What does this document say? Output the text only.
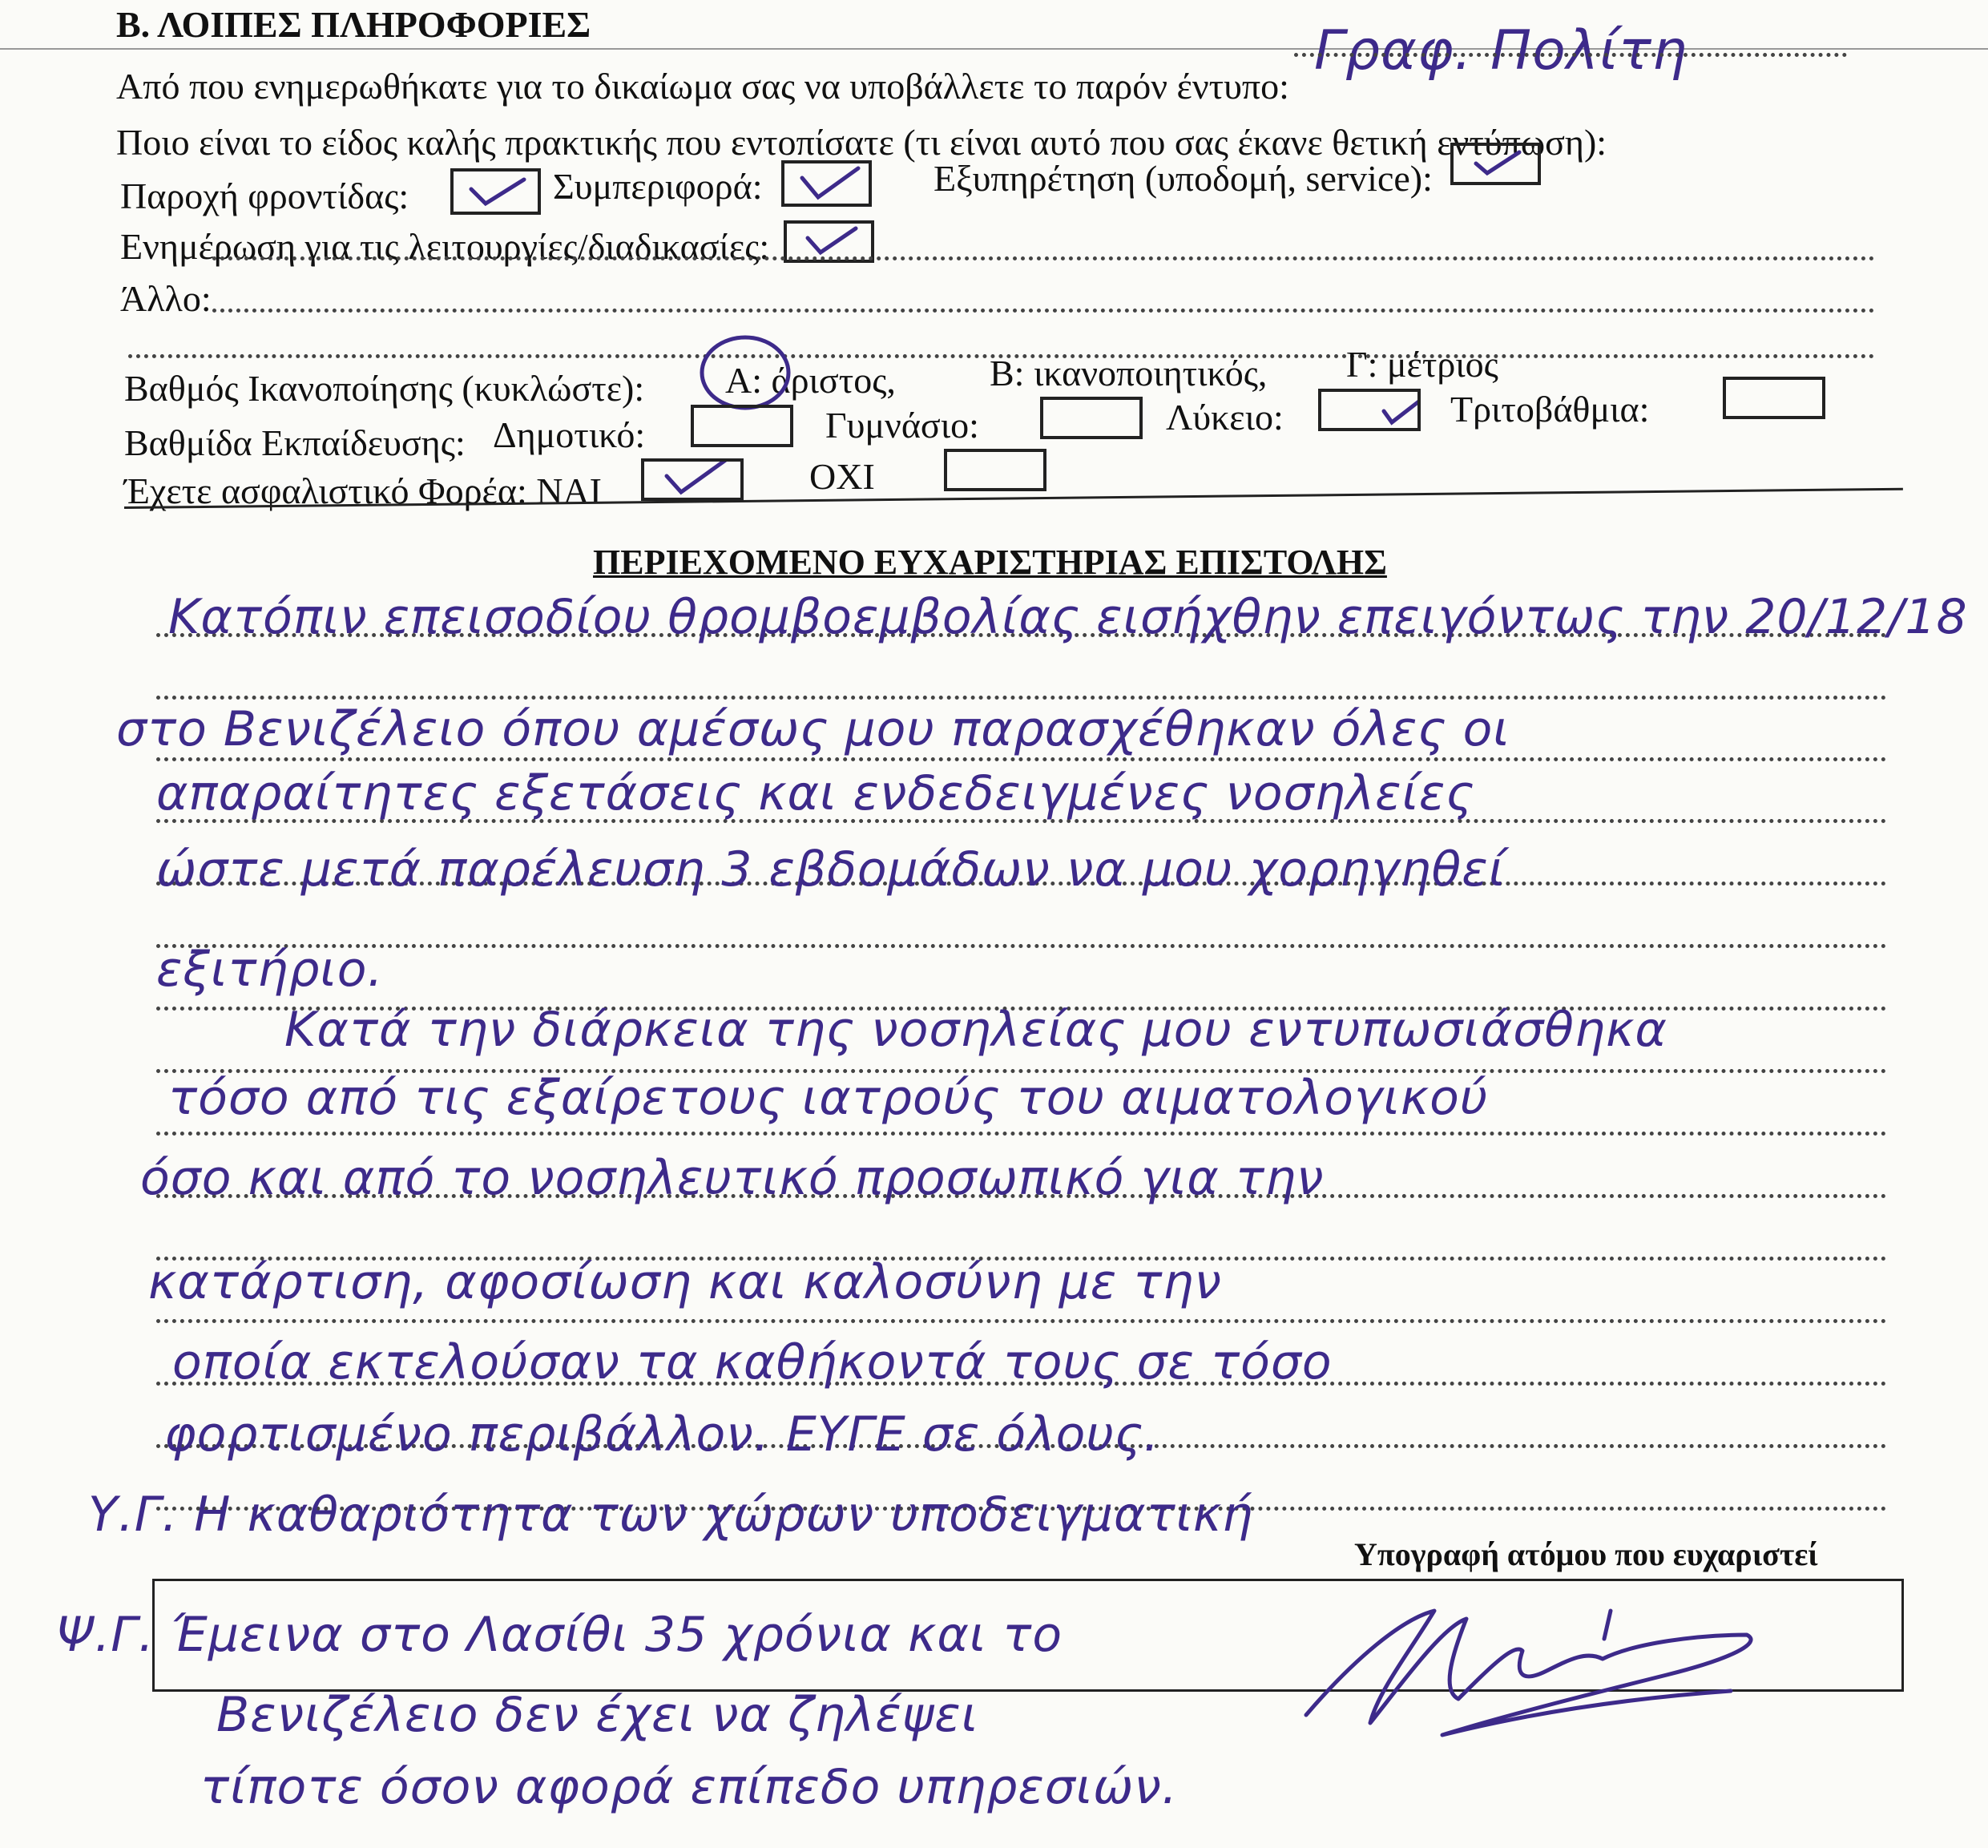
Β. ΛΟΙΠΕΣ ΠΛΗΡΟΦΟΡΙΕΣ
Από που ενημερωθήκατε για το δικαίωμα σας να υποβάλλετε το παρόν έντυπο:
Γραφ. Πολίτη
Ποιο είναι το είδος καλής πρακτικής που εντοπίσατε (τι είναι αυτό που σας έκανε θετική εντύπωση):
Παροχή φροντίδας:	Συμπεριφορά:	Εξυπηρέτηση (υποδομή, service):
Ενημέρωση για τις λειτουργίες/διαδικασίες:
Άλλο:
Βαθμός Ικανοποίησης (κυκλώστε): Α: άριστος,	Β: ικανοποιητικός, Γ: μέτριος
Βαθμίδα Εκπαίδευσης: Δημοτικό:	Γυμνάσιο:	Λύκειο:	Τριτοβάθμια:
Έχετε ασφαλιστικό Φορέα: ΝΑΙ	ΟΧΙ
ΠΕΡΙΕΧΟΜΕΝΟ ΕΥΧΑΡΙΣΤΗΡΙΑΣ ΕΠΙΣΤΟΛΗΣ
Κατόπιν επεισοδίου θρομβοεμβολίας εισήχθην επειγόντως την 20/12/18
στο Βενιζέλειο όπου αμέσως μου παρασχέθηκαν όλες οι
απαραίτητες εξετάσεις και ενδεδειγμένες νοσηλείες
ώστε μετά παρέλευση 3 εβδομάδων να μου χορηγηθεί
εξιτήριο.
Κατά την διάρκεια της νοσηλείας μου εντυπωσιάσθηκα
τόσο από τις εξαίρετους ιατρούς του αιματολογικού
όσο και από το νοσηλευτικό προσωπικό για την
κατάρτιση, αφοσίωση και καλοσύνη με την
οποία εκτελούσαν τα καθήκοντά τους σε τόσο
φορτισμένο περιβάλλον. ΕΥΓΕ σε όλους.
Υ.Γ. Η καθαριότητα των χώρων υποδειγματική
Υπογραφή ατόμου που ευχαριστεί
Ψ.Γ. Έμεινα στο Λασίθι 35 χρόνια και το
Βενιζέλειο δεν έχει να ζηλέψει
τίποτε όσον αφορά επίπεδο υπηρεσιών.
